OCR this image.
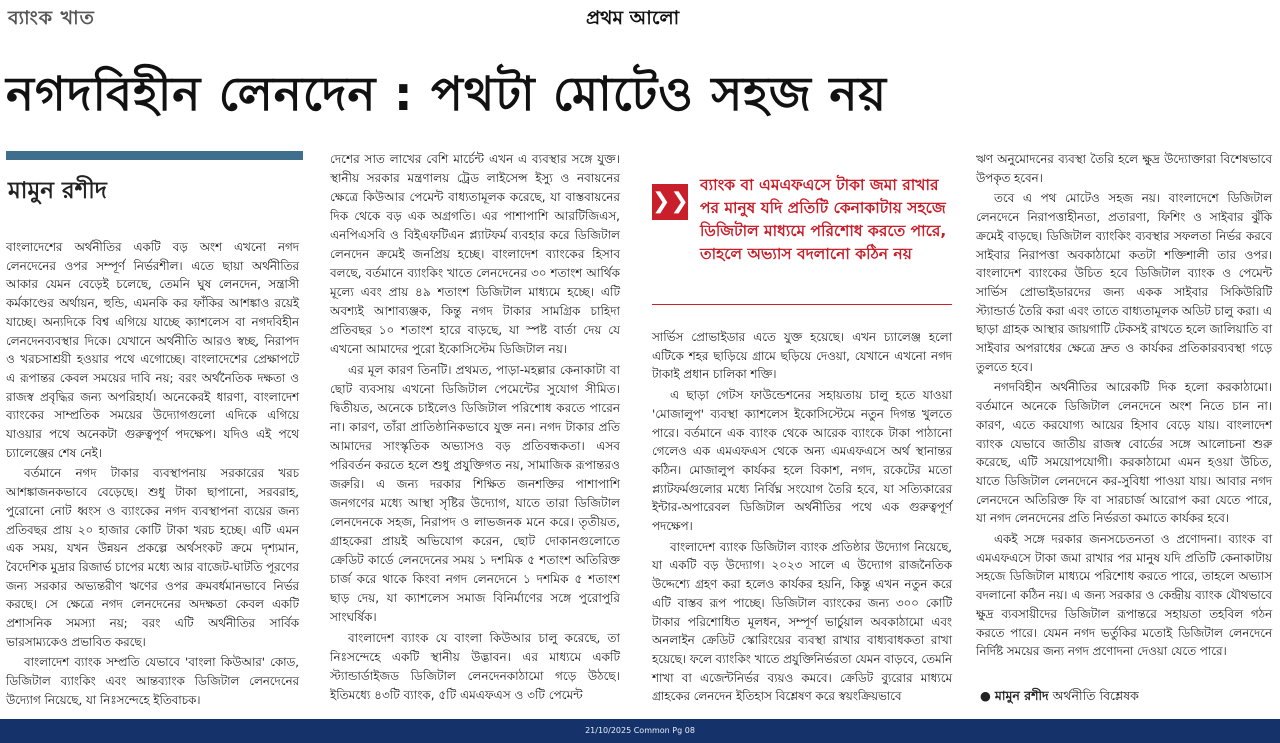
ব্যাংক খাত	প্রথম আলো
নগদবিহীন লেনদেন : পথটা মোটেও সহজ নয়
মামুন রশীদ

বাংলাদেশের অর্থনীতির একটি বড় অংশ এখনো নগদ লেনদেনের ওপর সম্পূর্ণ নির্ভরশীল। এতে ছায়া অর্থনীতির আকার যেমন বেড়েই চলেছে, তেমনি ঘুষ লেনদেন, সন্ত্রাসী কর্মকাণ্ডের অর্থায়ন, হুন্ডি, এমনকি কর ফাঁকির আশঙ্কাও রয়েই যাচ্ছে। অন্যদিকে বিশ্ব এগিয়ে যাচ্ছে ক্যাশলেস বা নগদবিহীন লেনদেনব্যবস্থার দিকে। যেখানে অর্থনীতি আরও স্বচ্ছ, নিরাপদ ও খরচসাশ্রয়ী হওয়ার পথে এগোচ্ছে। বাংলাদেশের প্রেক্ষাপটে এ রূপান্তর কেবল সময়ের দাবি নয়; বরং অর্থনৈতিক দক্ষতা ও রাজস্ব প্রবৃদ্ধির জন্য অপরিহার্য। অনেকেরই ধারণা, বাংলাদেশ ব্যাংকের সাম্প্রতিক সময়ের উদ্যোগগুলো এদিকে এগিয়ে যাওয়ার পথে অনেকটা গুরুত্বপূর্ণ পদক্ষেপ। যদিও এই পথে চ্যালেঞ্জের শেষ নেই।

বর্তমানে নগদ টাকার ব্যবস্থাপনায় সরকারের খরচ আশঙ্কাজনকভাবে বেড়েছে। শুধু টাকা ছাপানো, সরবরাহ, পুরোনো নোট ধ্বংস ও ব্যাংকের নগদ ব্যবস্থাপনা ব্যয়ের জন্য প্রতিবছর প্রায় ২০ হাজার কোটি টাকা খরচ হচ্ছে। এটি এমন এক সময়, যখন উন্নয়ন প্রকল্পে অর্থসংকট ক্রমে দৃশ্যমান, বৈদেশিক মুদ্রার রিজার্ভ চাপের মধ্যে আর বাজেট-ঘাটতি পূরণের জন্য সরকার অভ্যন্তরীণ ঋণের ওপর ক্রমবর্ধমানভাবে নির্ভর করছে। সে ক্ষেত্রে নগদ লেনদেনের অদক্ষতা কেবল একটি প্রশাসনিক সমস্যা নয়; বরং এটি অর্থনীতির সার্বিক ভারসাম্যকেও প্রভাবিত করছে।

বাংলাদেশ ব্যাংক সম্প্রতি যেভাবে 'বাংলা কিউআর' কোড, ডিজিটাল ব্যাংকিং এবং আন্তব্যাংক ডিজিটাল লেনদেনের উদ্যোগ নিয়েছে, যা নিঃসন্দেহে ইতিবাচক।

দেশের সাত লাখের বেশি মার্চেন্ট এখন এ ব্যবস্থার সঙ্গে যুক্ত। স্থানীয় সরকার মন্ত্রণালয় ট্রেড লাইসেন্স ইস্যু ও নবায়নের ক্ষেত্রে কিউআর পেমেন্ট বাধ্যতামূলক করেছে, যা বাস্তবায়নের দিক থেকে বড় এক অগ্রগতি। এর পাশাপাশি আরটিজিএস, এনপিএসবি ও বিইএফটিএন প্ল্যাটফর্ম ব্যবহার করে ডিজিটাল লেনদেন ক্রমেই জনপ্রিয় হচ্ছে। বাংলাদেশ ব্যাংকের হিসাব বলছে, বর্তমানে ব্যাংকিং খাতে লেনদেনের ৩০ শতাংশ আর্থিক মূল্যে এবং প্রায় ৪৯ শতাংশ ডিজিটাল মাধ্যমে হচ্ছে। এটি অবশ্যই আশাব্যঞ্জক, কিন্তু নগদ টাকার সামগ্রিক চাহিদা প্রতিবছর ১০ শতাংশ হারে বাড়ছে, যা স্পষ্ট বার্তা দেয় যে এখনো আমাদের পুরো ইকোসিস্টেম ডিজিটাল নয়।

এর মূল কারণ তিনটি। প্রথমত, পাড়া-মহল্লার কেনাকাটা বা ছোট ব্যবসায় এখনো ডিজিটাল পেমেন্টের সুযোগ সীমিত। দ্বিতীয়ত, অনেকে চাইলেও ডিজিটাল পরিশোধ করতে পারেন না। কারণ, তাঁরা প্রাতিষ্ঠানিকভাবে যুক্ত নন। নগদ টাকার প্রতি আমাদের সাংস্কৃতিক অভ্যাসও বড় প্রতিবন্ধকতা। এসব পরিবর্তন করতে হলে শুধু প্রযুক্তিগত নয়, সামাজিক রূপান্তরও জরুরি। এ জন্য দরকার শিক্ষিত জনশক্তির পাশাপাশি জনগণের মধ্যে আস্থা সৃষ্টির উদ্যোগ, যাতে তারা ডিজিটাল লেনদেনকে সহজ, নিরাপদ ও লাভজনক মনে করে। তৃতীয়ত, গ্রাহকেরা প্রায়ই অভিযোগ করেন, ছোট দোকানগুলোতে ক্রেডিট কার্ডে লেনদেনের সময় ১ দশমিক ৫ শতাংশ অতিরিক্ত চার্জ করে থাকে কিংবা নগদ লেনদেনে ১ দশমিক ৫ শতাংশ ছাড় দেয়, যা ক্যাশলেস সমাজ বিনির্মাণের সঙ্গে পুরোপুরি সাংঘর্ষিক।

বাংলাদেশ ব্যাংক যে বাংলা কিউআর চালু করেছে, তা নিঃসন্দেহে একটি স্থানীয় উদ্ভাবন। এর মাধ্যমে একটি স্ট্যান্ডার্ডাইজড ডিজিটাল লেনদেনকাঠামো গড়ে উঠছে। ইতিমধ্যে ৪৩টি ব্যাংক, ৫টি এমএফএস ও ৩টি পেমেন্ট

❯❯
ব্যাংক বা এমএফএসে টাকা জমা রাখার পর মানুষ যদি প্রতিটি কেনাকাটায় সহজে ডিজিটাল মাধ্যমে পরিশোধ করতে পারে, তাহলে অভ্যাস বদলানো কঠিন নয়

সার্ভিস প্রোভাইডার এতে যুক্ত হয়েছে। এখন চ্যালেঞ্জ হলো এটিকে শহর ছাড়িয়ে গ্রামে ছড়িয়ে দেওয়া, যেখানে এখনো নগদ টাকাই প্রধান চালিকা শক্তি।

এ ছাড়া গেটস ফাউন্ডেশনের সহায়তায় চালু হতে যাওয়া 'মোজালুপ' ব্যবস্থা ক্যাশলেস ইকোসিস্টেমে নতুন দিগন্ত খুলতে পারে। বর্তমানে এক ব্যাংক থেকে আরেক ব্যাংকে টাকা পাঠানো গেলেও এক এমএফএস থেকে অন্য এমএফএসে অর্থ স্থানান্তর কঠিন। মোজালুপ কার্যকর হলে বিকাশ, নগদ, রকেটের মতো প্ল্যাটফর্মগুলোর মধ্যে নির্বিঘ্ন সংযোগ তৈরি হবে, যা সত্যিকারের ইন্টার-অপারেবল ডিজিটাল অর্থনীতির পথে এক গুরুত্বপূর্ণ পদক্ষেপ।

বাংলাদেশ ব্যাংক ডিজিটাল ব্যাংক প্রতিষ্ঠার উদ্যোগ নিয়েছে, যা একটি বড় উদ্যোগ। ২০২৩ সালে এ উদ্যোগ রাজনৈতিক উদ্দেশ্যে গ্রহণ করা হলেও কার্যকর হয়নি, কিন্তু এখন নতুন করে এটি বাস্তব রূপ পাচ্ছে। ডিজিটাল ব্যাংকের জন্য ৩০০ কোটি টাকার পরিশোধিত মূলধন, সম্পূর্ণ ভার্চুয়াল অবকাঠামো এবং অনলাইন ক্রেডিট স্কোরিংয়ের ব্যবস্থা রাখার বাধ্যবাধকতা রাখা হয়েছে। ফলে ব্যাংকিং খাতে প্রযুক্তিনির্ভরতা যেমন বাড়বে, তেমনি শাখা বা এজেন্টনির্ভর ব্যয়ও কমবে। ক্রেডিট ব্যুরোর মাধ্যমে গ্রাহকের লেনদেন ইতিহাস বিশ্লেষণ করে স্বয়ংক্রিয়ভাবে

ঋণ অনুমোদনের ব্যবস্থা তৈরি হলে ক্ষুদ্র উদ্যোক্তারা বিশেষভাবে উপকৃত হবেন।

তবে এ পথ মোটেও সহজ নয়। বাংলাদেশে ডিজিটাল লেনদেনে নিরাপত্তাহীনতা, প্রতারণা, ফিশিং ও সাইবার ঝুঁকি ক্রমেই বাড়ছে। ডিজিটাল ব্যাংকিং ব্যবস্থার সফলতা নির্ভর করবে সাইবার নিরাপত্তা অবকাঠামো কতটা শক্তিশালী তার ওপর। বাংলাদেশ ব্যাংকের উচিত হবে ডিজিটাল ব্যাংক ও পেমেন্ট সার্ভিস প্রোভাইডারদের জন্য একক সাইবার সিকিউরিটি স্ট্যান্ডার্ড তৈরি করা এবং তাতে বাধ্যতামূলক অডিট চালু করা। এ ছাড়া গ্রাহক আস্থার জায়গাটি টেকসই রাখতে হলে জালিয়াতি বা সাইবার অপরাধের ক্ষেত্রে দ্রুত ও কার্যকর প্রতিকারব্যবস্থা গড়ে তুলতে হবে।

নগদবিহীন অর্থনীতির আরেকটি দিক হলো করকাঠামো। বর্তমানে অনেকে ডিজিটাল লেনদেনে অংশ নিতে চান না। কারণ, এতে করযোগ্য আয়ের হিসাব বেড়ে যায়। বাংলাদেশ ব্যাংক যেভাবে জাতীয় রাজস্ব বোর্ডের সঙ্গে আলোচনা শুরু করেছে, এটি সময়োপযোগী। করকাঠামো এমন হওয়া উচিত, যাতে ডিজিটাল লেনদেনে কর-সুবিধা পাওয়া যায়। আবার নগদ লেনদেনে অতিরিক্ত ফি বা সারচার্জ আরোপ করা যেতে পারে, যা নগদ লেনদেনের প্রতি নির্ভরতা কমাতে কার্যকর হবে।

একই সঙ্গে দরকার জনসচেতনতা ও প্রণোদনা। ব্যাংক বা এমএফএসে টাকা জমা রাখার পর মানুষ যদি প্রতিটি কেনাকাটায় সহজে ডিজিটাল মাধ্যমে পরিশোধ করতে পারে, তাহলে অভ্যাস বদলানো কঠিন নয়। এ জন্য সরকার ও কেন্দ্রীয় ব্যাংক যৌথভাবে ক্ষুদ্র ব্যবসায়ীদের ডিজিটাল রূপান্তরে সহায়তা তহবিল গঠন করতে পারে। যেমন নগদ ভর্তুকির মতোই ডিজিটাল লেনদেনে নির্দিষ্ট সময়ের জন্য নগদ প্রণোদনা দেওয়া যেতে পারে।

● মামুন রশীদ অর্থনীতি বিশ্লেষক
21/10/2025 Common Pg 08
